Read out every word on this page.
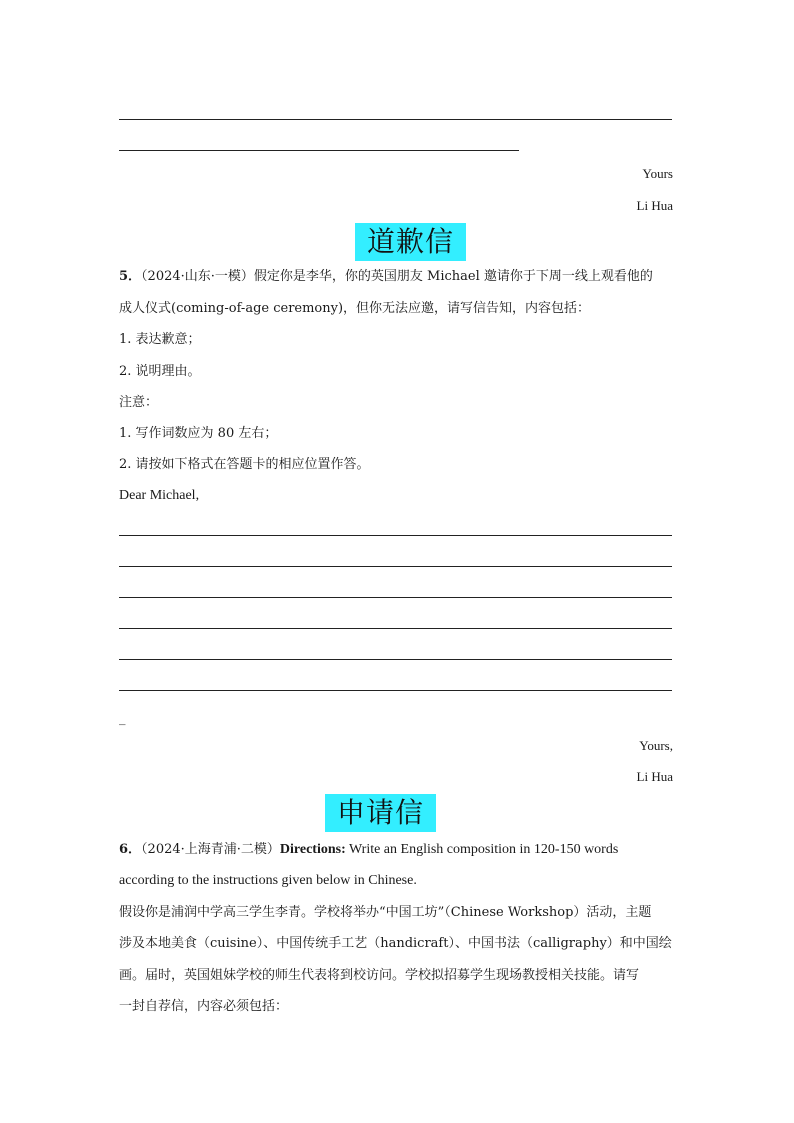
Yours
Li Hua
道歉信
5．（2024·山东·一模）假定你是李华，你的英国朋友 Michael 邀请你于下周一线上观看他的
成人仪式(coming-of-age ceremony)，但你无法应邀，请写信告知，内容包括：
1. 表达歉意；
2. 说明理由。
注意：
1. 写作词数应为 80 左右；
2. 请按如下格式在答题卡的相应位置作答。
Dear Michael,
_
Yours,
Li Hua
申请信
6．（2024·上海青浦·二模）Directions: Write an English composition in 120-150 words
according to the instructions given below in Chinese.
假设你是浦润中学高三学生李青。学校将举办“中国工坊”（Chinese Workshop）活动，主题
涉及本地美食（cuisine）、中国传统手工艺（handicraft）、中国书法（calligraphy）和中国绘
画。届时，英国姐妹学校的师生代表将到校访问。学校拟招募学生现场教授相关技能。请写
一封自荐信，内容必须包括：
